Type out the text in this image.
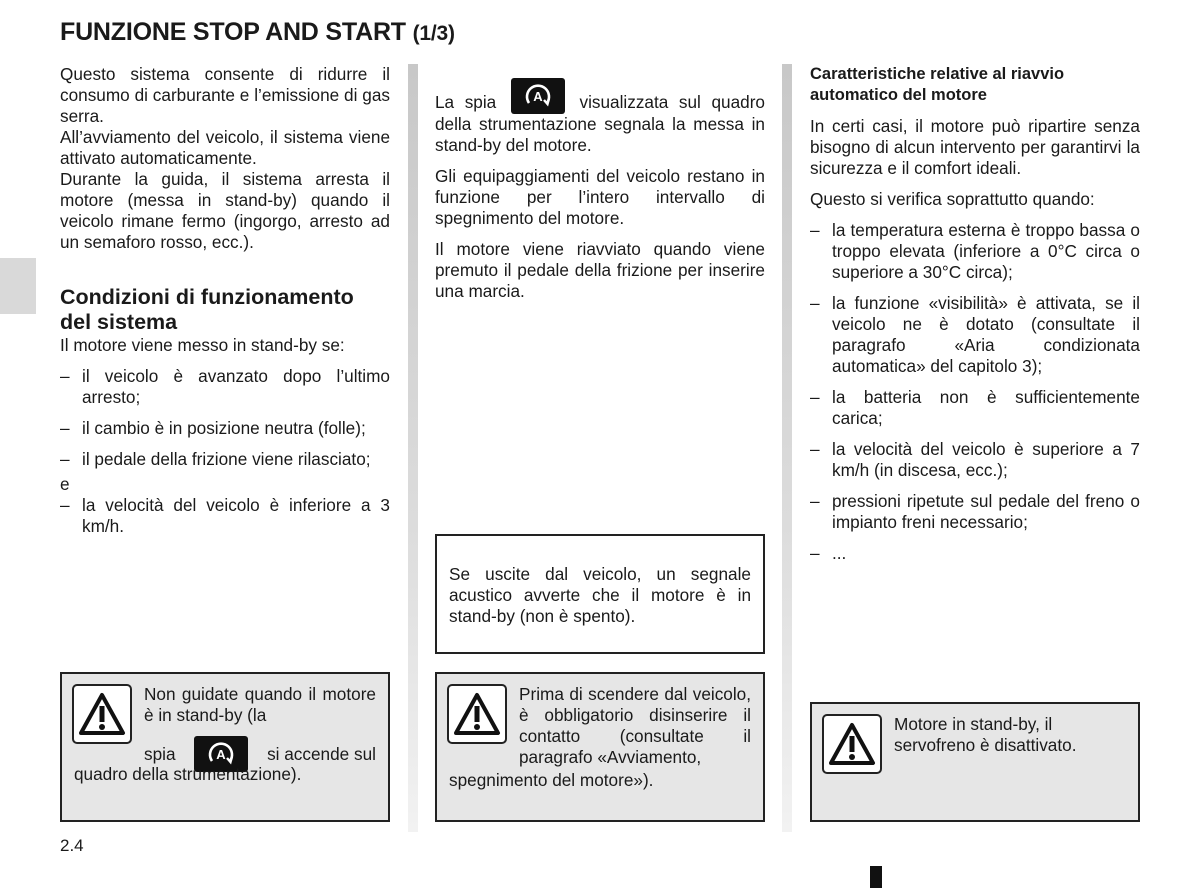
FUNZIONE STOP AND START (1/3)

Questo sistema consente di ridurre il consumo di carburante e l’emissione di gas serra.

All’avviamento del veicolo, il sistema viene attivato automaticamente.

Durante la guida, il sistema arresta il motore (messa in stand-by) quando il veicolo rimane fermo (ingorgo, arresto ad un semaforo rosso, ecc.).

Condizioni di funzionamento del sistema

Il motore viene messo in stand-by se:

– il veicolo è avanzato dopo l’ultimo arresto;
– il cambio è in posizione neutra (folle);
– il pedale della frizione viene rilasciato;

e

– la velocità del veicolo è inferiore a 3 km/h.
Non guidate quando il motore è in stand-by (la
spia	A si accende sul
quadro della strumentazione).

La spia	A visualizzata sul quadro della strumentazione segnala la messa in stand-by del motore.

Gli equipaggiamenti del veicolo restano in funzione per l’intero intervallo di spegnimento del motore.

Il motore viene riavviato quando viene premuto il pedale della frizione per inserire una marcia.

Se uscite dal veicolo, un segnale acustico avverte che il motore è in stand-by (non è spento).
Prima di scendere dal veicolo, è obbligatorio disinserire il contatto (consultate il paragrafo «Avviamento,
spegnimento del motore»).

Caratteristiche relative al riavvio automatico del motore

In certi casi, il motore può ripartire senza bisogno di alcun intervento per garantirvi la sicurezza e il comfort ideali.

Questo si verifica soprattutto quando:

– la temperatura esterna è troppo bassa o troppo elevata (inferiore a 0°C circa o superiore a 30°C circa);
– la funzione «visibilità» è attivata, se il veicolo ne è dotato (consultate il paragrafo «Aria condizionata automatica» del capitolo 3);
– la batteria non è sufficientemente carica;
– la velocità del veicolo è superiore a 7 km/h (in discesa, ecc.);
– pressioni ripetute sul pedale del freno o impianto freni necessario;
– ...
Motore in stand-by, il servofreno è disattivato.
2.4
